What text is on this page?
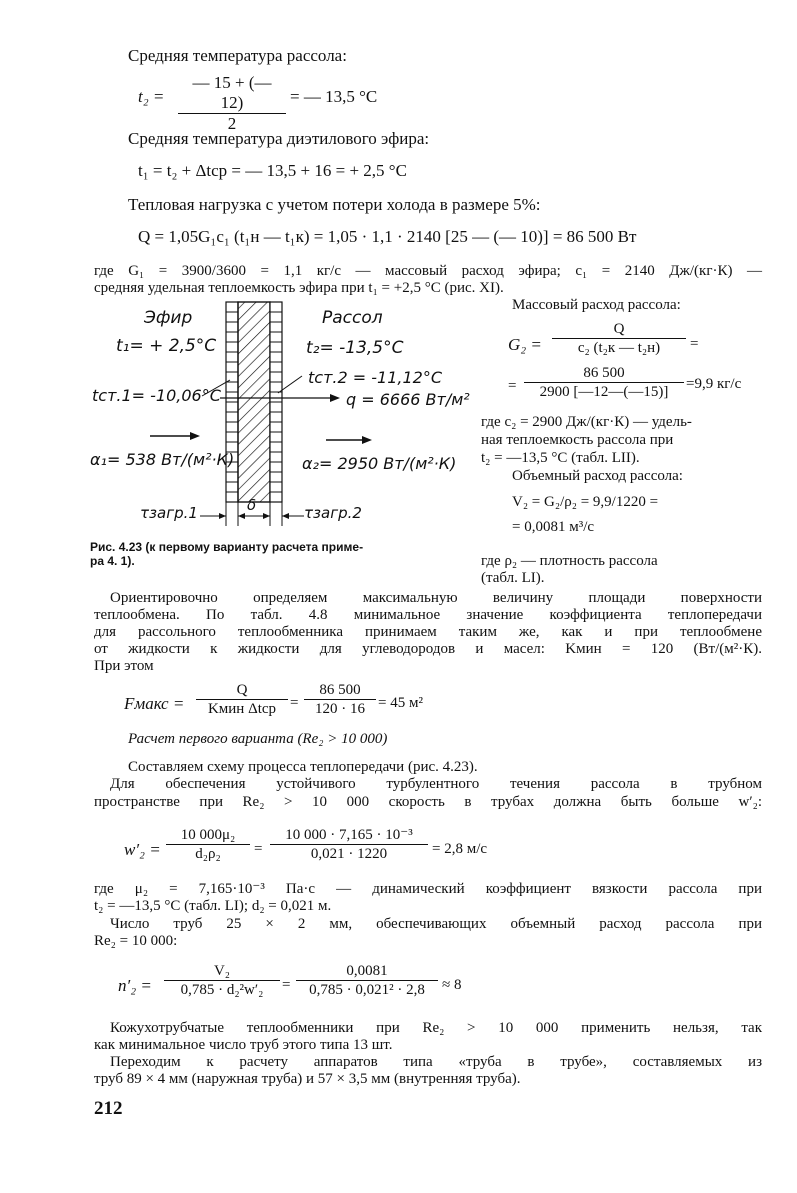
Средняя температура рассола:
t₂ =
— 15 + (— 12)
2
= — 13,5 °C
Средняя температура диэтилового эфира:
t₁ = t₂ + Δtср = — 13,5 + 16 = + 2,5 °C
Тепловая нагрузка с учетом потери холода в размере 5%:
Q = 1,05G₁c₁ (t₁н — t₁к) = 1,05 · 1,1 · 2140 [25 — (— 10)] = 86 500 Вт
где G₁ = 3900/3600 = 1,1 кг/с — массовый расход эфира; c₁ = 2140 Дж/(кг·К) —
средняя удельная теплоемкость эфира при t₁ = +2,5 °C (рис. XI).
Эфир	Рассол
t₁= + 2,5°C	t₂= -13,5°C
tст.2 = -11,12°C
tст.1= -10,06°C	q = 6666 Вт/м²
α₁= 538 Вт/(м²·К)	α₂= 2950 Вт/(м²·К)
τзагр.1	δ	τзагр.2
Рис. 4.23 (к первому варианту расчета приме-
ра 4. 1).
Массовый расход рассола:
G₂ =
Q
c₂ (t₂к — t₂н)	=
=
86 500
2900 [—12—(—15)]	=9,9 кг/с
где c₂ = 2900 Дж/(кг·К) — удель-
ная теплоемкость рассола при
t₂ = —13,5 °C (табл. LII).
Объемный расход рассола:
V₂ = G₂/ρ₂ = 9,9/1220 =
= 0,0081 м³/с
где ρ₂ — плотность рассола
(табл. LI).
Ориентировочно определяем максимальную величину площади поверхности
теплообмена. По табл. 4.8 минимальное значение коэффициента теплопередачи
для рассольного теплообменника принимаем таким же, как и при теплообмене
от жидкости к жидкости для углеводородов и масел: Kмин = 120 (Вт/(м²·К).
При этом
Fмакс =
Q
Kмин Δtср =
86 500
120 · 16 = 45 м²
Расчет первого варианта (Re₂ > 10 000)
Составляем схему процесса теплопередачи (рис. 4.23).
Для обеспечения устойчивого турбулентного течения рассола в трубном
пространстве при Re₂ > 10 000 скорость в трубах должна быть больше w′₂:
w′₂ =
10 000μ₂
d₂ρ₂	=
10 000 · 7,165 · 10⁻³
0,021 · 1220	= 2,8 м/с
где μ₂ = 7,165·10⁻³ Па·с — динамический коэффициент вязкости рассола при
t₂ = —13,5 °C (табл. LI); d₂ = 0,021 м.
Число труб 25 × 2 мм, обеспечивающих объемный расход рассола при
Re₂ = 10 000:
n′₂ =
V₂
0,785 · d₂²w′₂	=
0,0081
0,785 · 0,021² · 2,8	≈ 8
Кожухотрубчатые теплообменники при Re₂ > 10 000 применить нельзя, так
как минимальное число труб этого типа 13 шт.
Переходим к расчету аппаратов типа «труба в трубе», составляемых из
труб 89 × 4 мм (наружная труба) и 57 × 3,5 мм (внутренняя труба).
212
